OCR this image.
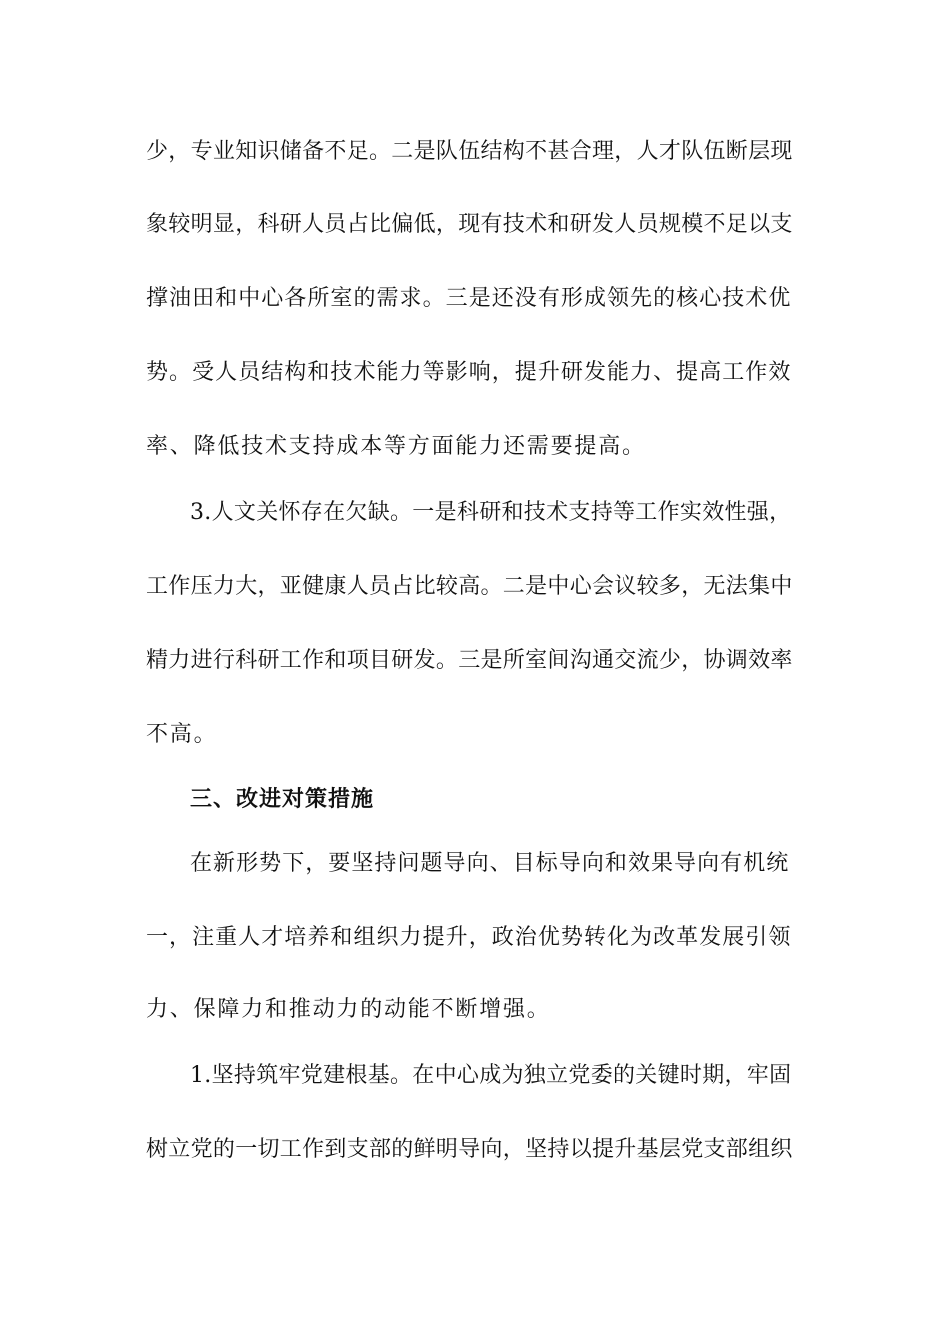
少，专业知识储备不足。二是队伍结构不甚合理，人才队伍断层现
象较明显，科研人员占比偏低，现有技术和研发人员规模不足以支
撑油田和中心各所室的需求。三是还没有形成领先的核心技术优
势。受人员结构和技术能力等影响，提升研发能力、提高工作效
率、降低技术支持成本等方面能力还需要提高。
3.人文关怀存在欠缺。一是科研和技术支持等工作实效性强，
工作压力大，亚健康人员占比较高。二是中心会议较多，无法集中
精力进行科研工作和项目研发。三是所室间沟通交流少，协调效率
不高。
三、改进对策措施
在新形势下，要坚持问题导向、目标导向和效果导向有机统
一，注重人才培养和组织力提升，政治优势转化为改革发展引领
力、保障力和推动力的动能不断增强。
1.坚持筑牢党建根基。在中心成为独立党委的关键时期，牢固
树立党的一切工作到支部的鲜明导向，坚持以提升基层党支部组织
